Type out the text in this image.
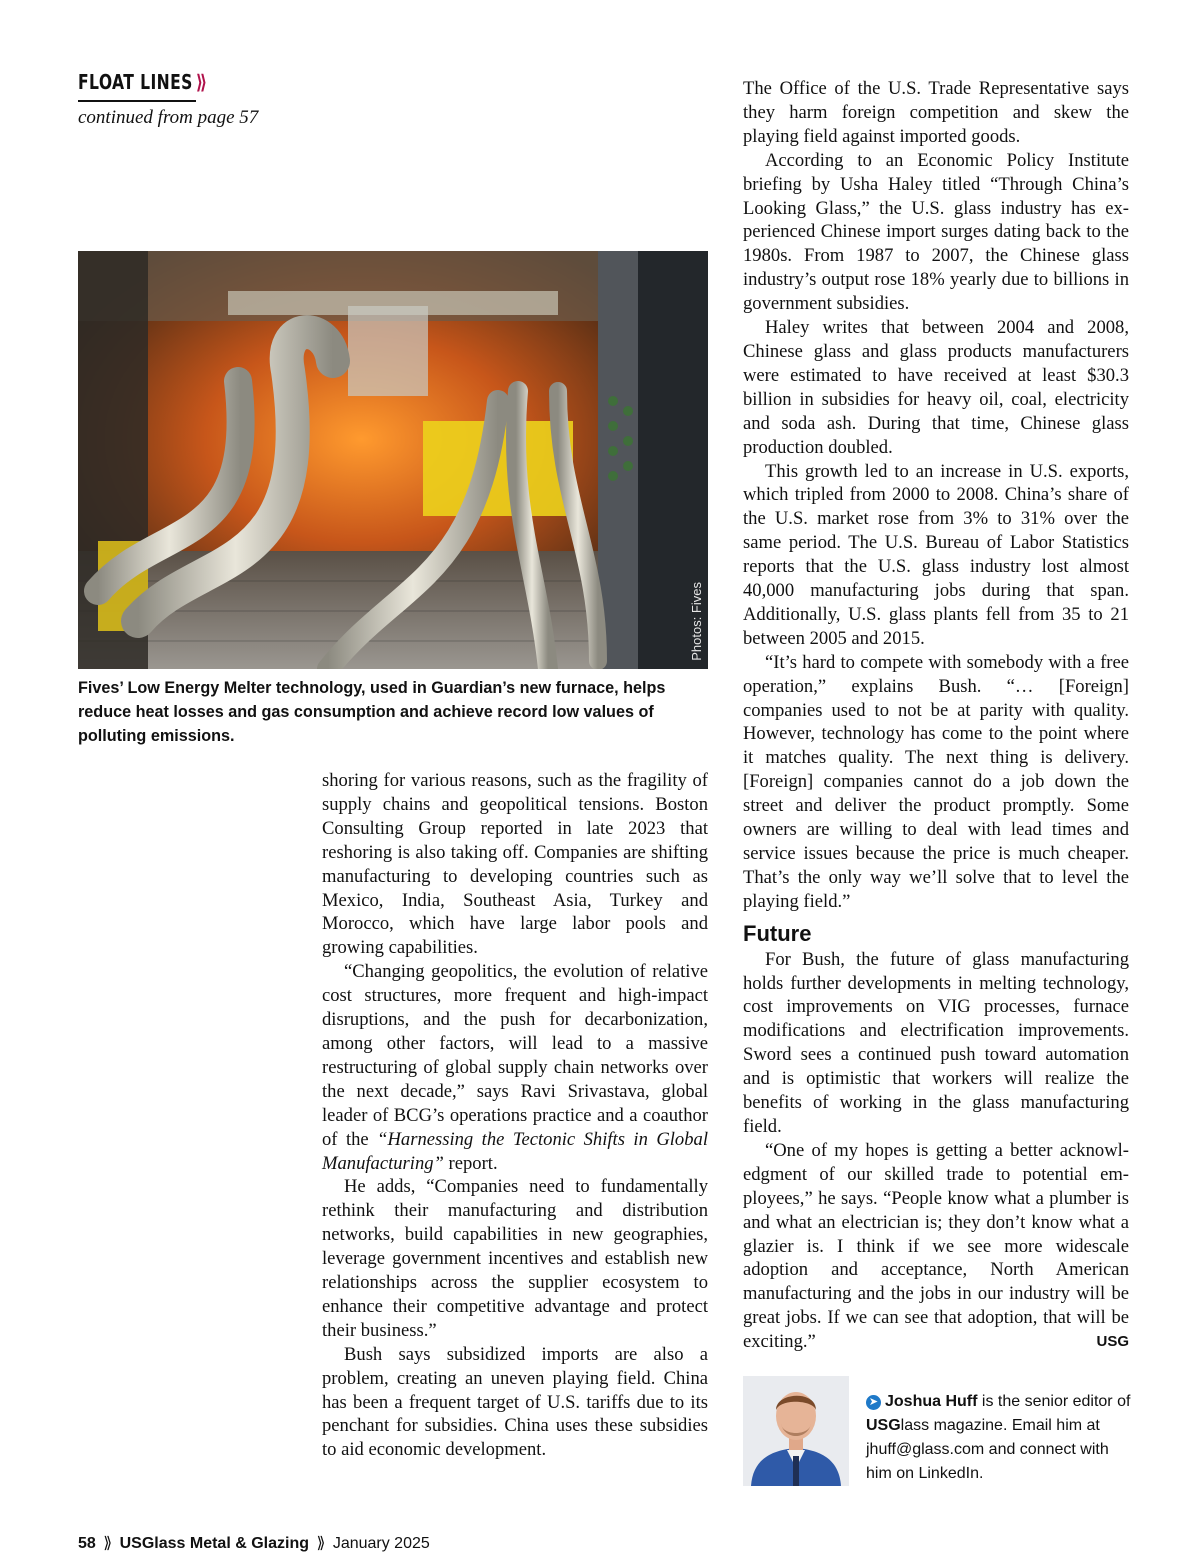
FLOAT LINES ⟫
continued from page 57
Photos: Fives
Fives’ Low Energy Melter technology, used in Guardian’s new furnace, helps reduce heat losses and gas consumption and achieve record low values of polluting emissions.

shoring for various reasons, such as the fragility of supply chains and geopolitical tensions. Boston Consulting Group reported in late 2023 that reshoring is also taking off. Companies are shifting manufacturing to developing countries such as Mexico, India, Southeast Asia, Turkey and Morocco, which have large labor pools and growing capabilities.

“Changing geopolitics, the evolution of relative cost structures, more frequent and high-impact disruptions, and the push for decarbonization, among other factors, will lead to a massive restructuring of global supply chain networks over the next decade,” says Ravi Srivastava, global leader of BCG’s operations practice and a coauthor of the “Harnessing the Tectonic Shifts in Global Manufacturing” report.

He adds, “Companies need to fundamentally rethink their manufacturing and distribution networks, build capabilities in new geographies, leverage government incentives and establish new relationships across the supplier ecosystem to enhance their competitive advantage and protect their business.”

Bush says subsidized imports are also a problem, creating an uneven playing field. China has been a frequent target of U.S. tariffs due to its penchant for subsidies. China uses these subsidies to aid economic development.

The Office of the U.S. Trade Representative says they harm foreign competition and skew the playing field against imported goods.

According to an Economic Policy Institute briefing by Usha Haley titled “Through China’s Looking Glass,” the U.S. glass industry has experienced Chinese import surges dating back to the 1980s. From 1987 to 2007, the Chinese glass industry’s output rose 18% yearly due to billions in government subsidies.

Haley writes that between 2004 and 2008, Chinese glass and glass products manufacturers were estimated to have received at least $30.3 billion in subsidies for heavy oil, coal, electricity and soda ash. During that time, Chinese glass production doubled.

This growth led to an increase in U.S. exports, which tripled from 2000 to 2008. China’s share of the U.S. market rose from 3% to 31% over the same period. The U.S. Bureau of Labor Statistics reports that the U.S. glass industry lost almost 40,000 manufacturing jobs during that span. Additionally, U.S. glass plants fell from 35 to 21 between 2005 and 2015.

“It’s hard to compete with somebody with a free operation,” explains Bush. “… [Foreign] companies used to not be at parity with quality. However, technology has come to the point where it matches quality. The next thing is delivery. [Foreign] companies cannot do a job down the street and deliver the product promptly. Some owners are willing to deal with lead times and service issues because the price is much cheaper. That’s the only way we’ll solve that to level the playing field.”

Future

For Bush, the future of glass manufacturing holds further developments in melting technology, cost improvements on VIG processes, furnace modifications and electrification improvements. Sword sees a continued push toward automation and is optimistic that workers will realize the benefits of working in the glass manufacturing field.

“One of my hopes is getting a better acknowledgment of our skilled trade to potential employees,” he says. “People know what a plumber is and what an electrician is; they don’t know what a glazier is. I think if we see more widescale adoption and acceptance, North American manufacturing and the jobs in our industry will be great jobs. If we can see that adoption, that will be exciting.”	USG

➤ Joshua Huff is the senior editor of USGlass magazine. Email him at jhuff@glass.com and connect with him on LinkedIn.
58 ⟫ USGlass Metal & Glazing ⟫ January 2025
